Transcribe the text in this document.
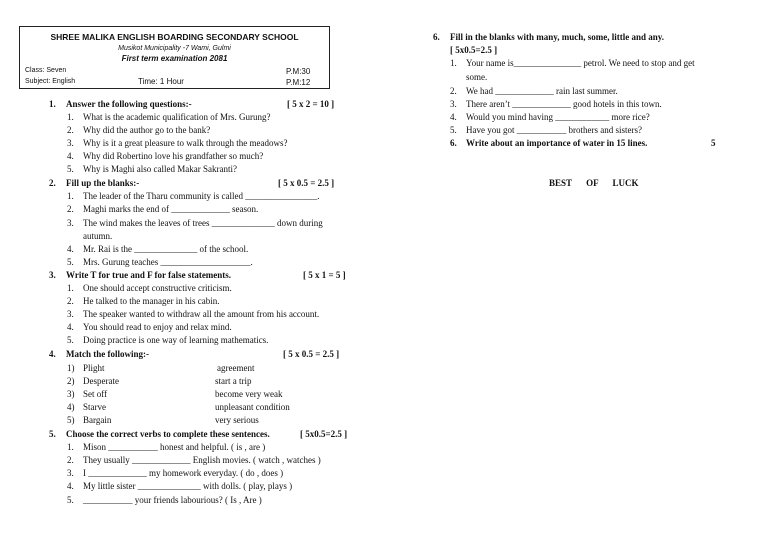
SHREE MALIKA ENGLISH BOARDING SECONDARY SCHOOL
Musikot Municipality -7 Wami, Gulmi
First term examination 2081
Class: Seven
Subject: English	Time: 1 Hour
P.M:30
P.M:12
1. Answer the following questions:-	[ 5 x 2 = 10 ]
1. What is the academic qualification of Mrs. Gurung?
2. Why did the author go to the bank?
3. Why is it a great pleasure to walk through the meadows?
4. Why did Robertino love his grandfather so much?
5. Why is Maghi also called Makar Sakranti?
2. Fill up the blanks:-	[ 5 x 0.5 = 2.5 ]
1. The leader of the Tharu community is called ________________.
2. Maghi marks the end of _____________ season.
3. The wind makes the leaves of trees ______________ down during
autumn.
4. Mr. Rai is the ______________ of the school.
5. Mrs. Gurung teaches ____________________.
3. Write T for true and F for false statements.	[ 5 x 1 = 5 ]
1. One should accept constructive criticism.
2. He talked to the manager in his cabin.
3. The speaker wanted to withdraw all the amount from his account.
4. You should read to enjoy and relax mind.
5. Doing practice is one way of learning mathematics.
4. Match the following:-	[ 5 x 0.5 = 2.5 ]
1) Plight	agreement
2) Desperate	start a trip
3) Set off	become very weak
4) Starve	unpleasant condition
5) Bargain	very serious
5. Choose the correct verbs to complete these sentences.	[ 5x0.5=2.5 ]
1. Mison ___________ honest and helpful. ( is , are )
2. They usually _____________ English movies. ( watch , watches )
3. I _____________ my homework everyday. ( do , does )
4. My little sister ______________ with dolls. ( play, plays )
5. ___________ your friends labourious? ( Is , Are )
6. Fill in the blanks with many, much, some, little and any.
[ 5x0.5=2.5 ]
1. Your name is_______________ petrol. We need to stop and get
some.
2. We had _____________ rain last summer.
3. There aren’t _____________ good hotels in this town.
4. Would you mind having ____________ more rice?
5. Have you got ___________ brothers and sisters?
6. Write about an importance of water in 15 lines.	5
BEST OF LUCK
